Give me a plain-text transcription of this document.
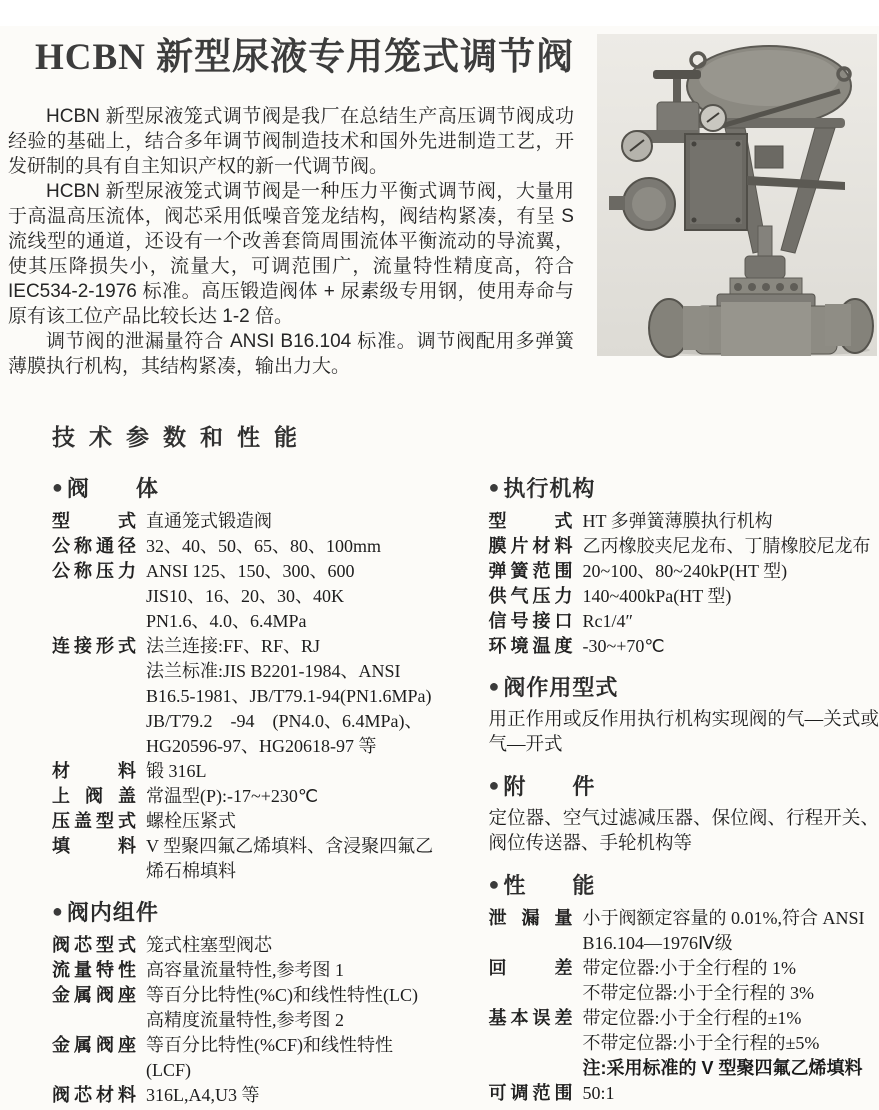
HCBN 新型尿液专用笼式调节阀

HCBN 新型尿液笼式调节阀是我厂在总结生产高压调节阀成功经验的基础上，结合多年调节阀制造技术和国外先进制造工艺，开发研制的具有自主知识产权的新一代调节阀。

HCBN 新型尿液笼式调节阀是一种压力平衡式调节阀，大量用于高温高压流体，阀芯采用低噪音笼龙结构，阀结构紧凑，有呈 S 流线型的通道，还设有一个改善套筒周围流体平衡流动的导流翼，使其压降损失小，流量大，可调范围广，流量特性精度高，符合 IEC534-2-1976 标准。高压锻造阀体 + 尿素级专用钢，使用寿命与原有该工位产品比较长达 1-2 倍。

调节阀的泄漏量符合 ANSI B16.104 标准。调节阀配用多弹簧薄膜执行机构，其结构紧凑，输出力大。

技术参数和性能
● 阀　　体
型式 直通笼式锻造阀
公称通径 32、40、50、65、80、100mm
公称压力 ANSI 125、150、300、600
JIS10、16、20、30、40K
PN1.6、4.0、6.4MPa
连接形式 法兰连接:FF、RF、RJ
法兰标准:JIS B2201-1984、ANSI
B16.5-1981、JB/T79.1-94(PN1.6MPa)
JB/T79.2　-94　(PN4.0、6.4MPa)、
HG20596-97、HG20618-97 等
材料 锻 316L
上阀盖 常温型(P):-17~+230℃
压盖型式 螺栓压紧式
填料 V 型聚四氟乙烯填料、含浸聚四氟乙
烯石棉填料
● 阀内组件
阀芯型式 笼式柱塞型阀芯
流量特性 高容量流量特性,参考图 1
金属阀座 等百分比特性(%C)和线性特性(LC)
高精度流量特性,参考图 2
金属阀座 等百分比特性(%CF)和线性特性
(LCF)
阀芯材料 316L,A4,U3 等
● 执行机构
型式 HT 多弹簧薄膜执行机构
膜片材料 乙丙橡胶夹尼龙布、丁腈橡胶尼龙布
弹簧范围 20~100、80~240kP(HT 型)
供气压力 140~400kPa(HT 型)
信号接口 Rc1/4″
环境温度 -30~+70℃
● 阀作用型式

用正作用或反作用执行机构实现阀的气—关式或气—开式

● 附　　件

定位器、空气过滤减压器、保位阀、行程开关、阀位传送器、手轮机构等

● 性　　能
泄漏量 小于阀额定容量的 0.01%,符合 ANSI
B16.104—1976Ⅳ级
回差 带定位器:小于全行程的 1%
不带定位器:小于全行程的 3%
基本误差 带定位器:小于全行程的±1%
不带定位器:小于全行程的±5%
注:采用标准的 V 型聚四氟乙烯填料
可调范围 50:1
